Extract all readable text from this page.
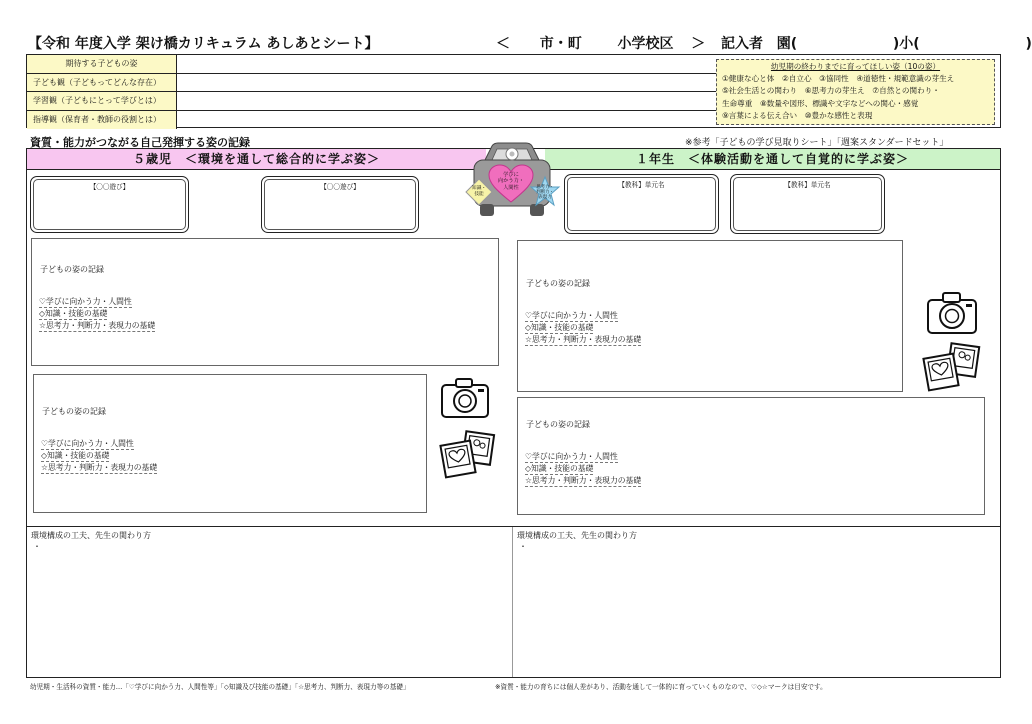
【令和 年度入学 架け橋カリキュラム あしあとシート】	＜ 市・町	小学校区 ＞ 記入者 園(	)小(	)
期待する子どもの姿
子ども観（子どもってどんな存在）
学習観（子どもにとって学びとは）
指導観（保育者・教師の役割とは）
幼児期の終わりまでに育ってほしい姿（10の姿）
①健康な心と体　②自立心　③協同性　④道徳性・規範意識の芽生え
⑤社会生活との関わり　⑥思考力の芽生え　⑦自然との関わり・
生命尊重　⑧数量や図形、標識や文字などへの関心・感覚
⑨言葉による伝え合い　⑩豊かな感性と表現
資質・能力がつながる自己発揮する姿の記録	※参考「子どもの学び見取りシート」「週案スタンダードセット」
５歳児　＜環境を通して総合的に学ぶ姿＞	１年生　＜体験活動を通して自覚的に学ぶ姿＞
学びに
向かう力・
人間性
知識・
技能
思考力・
判断力・
表現力
【〇〇遊び】	【〇〇遊び】	【教科】単元名	【教科】単元名
子どもの姿の記録
♡学びに向かう力・人間性
◇知識・技能の基礎
☆思考力・判断力・表現力の基礎
子どもの姿の記録
♡学びに向かう力・人間性
◇知識・技能の基礎
☆思考力・判断力・表現力の基礎
子どもの姿の記録
♡学びに向かう力・人間性
◇知識・技能の基礎
☆思考力・判断力・表現力の基礎
子どもの姿の記録
♡学びに向かう力・人間性
◇知識・技能の基礎
☆思考力・判断力・表現力の基礎
環境構成の工夫、先生の関わり方
・
環境構成の工夫、先生の関わり方
・
幼児期・生活科の資質・能力…「♡学びに向かう力、人間性等」「◇知識及び技能の基礎」「☆思考力、判断力、表現力等の基礎」	※資質・能力の育ちには個人差があり、活動を通して一体的に育っていくものなので、♡◇☆マークは目安です。
